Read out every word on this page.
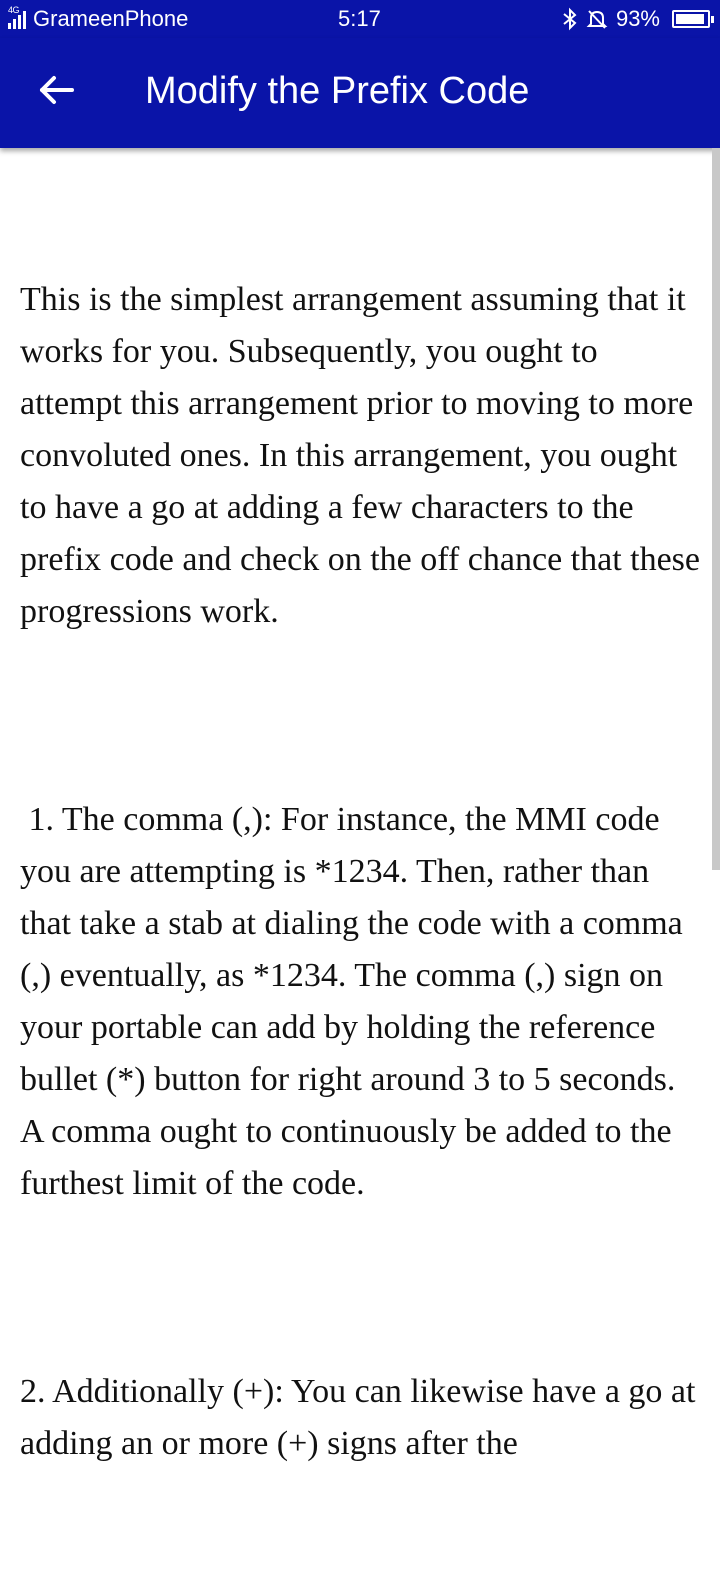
4G GrameenPhone	5:17	93%
Modify the Prefix Code

This is the simplest arrangement assuming that it works for you. Subsequently, you ought to attempt this arrangement prior to moving to more convoluted ones. In this arrangement, you ought to have a go at adding a few characters to the prefix code and check on the off chance that these progressions work.

1. The comma (,): For instance, the MMI code you are attempting is *1234. Then, rather than that take a stab at dialing the code with a comma (,) eventually, as *1234. The comma (,) sign on your portable can add by holding the reference bullet (*) button for right around 3 to 5 seconds. A comma ought to continuously be added to the furthest limit of the code.

2. Additionally (+): You can likewise have a go at adding an or more (+) signs after the
